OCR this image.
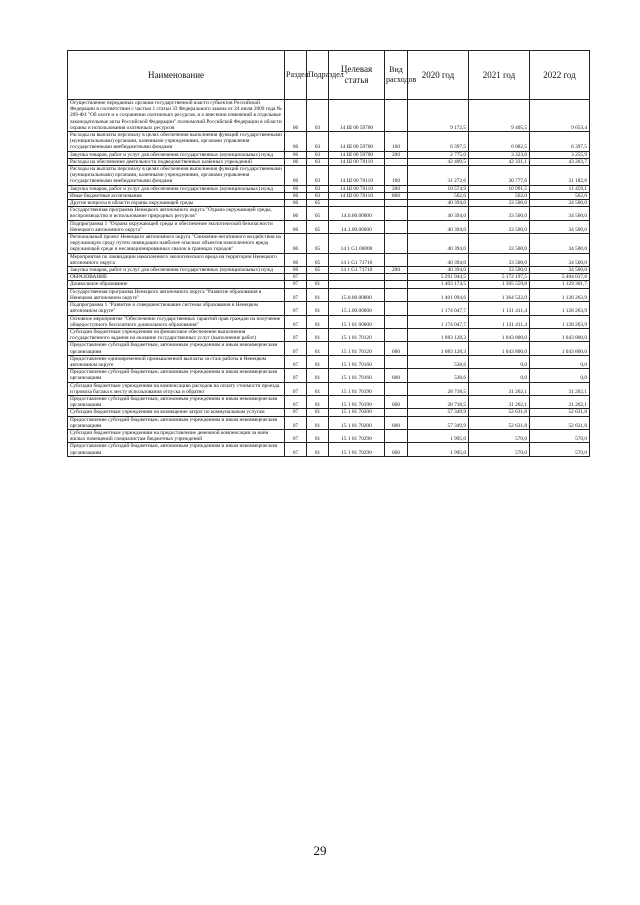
Наименование	Раздел	Подраздел	Целевая статья	Вид расходов	2020 год	2021 год	2022 год
Осуществление переданных органам государственной власти субъектов Российской Федерации в соответствии с частью 1 статьи 33 Федерального закона от 24 июля 2009 года № 209-ФЗ "Об охоте и о сохранении охотничьих ресурсов, и о внесении изменений в отдельные законодательные акты Российской Федерации" полномочий Российской Федерации в области охраны и использования охотничьих ресурсов	06	03	14 Ш 00 59700		9 172,5	9 405,5	9 653,4
Расходы на выплаты персоналу в целях обеспечения выполнения функций государственными (муниципальными) органами, казенными учреждениями, органами управления государственными внебюджетными фондами	06	03	14 Ш 00 59700	100	6 397,5	6 082,5	6 397,5
Закупка товаров, работ и услуг для обеспечения государственных (муниципальных) нужд	06	03	14 Ш 00 59700	200	2 775,0	3 323,0	3 255,9
Расходы на обеспечение деятельности подведомственных казённых учреждений	06	03	14 Ш 00 70110		42 409,5	42 331,1	43 203,7
Расходы на выплаты персоналу в целях обеспечения выполнения функций государственными (муниципальными) органами, казенными учреждениями, органами управления государственными внебюджетными фондами	06	03	14 Ш 00 70110	100	31 272,6	30 777,6	31 182,6
Закупка товаров, работ и услуг для обеспечения государственных (муниципальных) нужд	06	03	14 Ш 00 70110	200	10 574,9	10 991,5	11 459,1
Иные бюджетные ассигнования	06	03	14 Ш 00 70110	800	562,0	562,0	562,0
Другие вопросы в области охраны окружающей среды	06	05			40 394,0	33 500,0	34 500,0
Государственная программа Ненецкого автономного округа "Охрана окружающей среды, воспроизводство и использование природных ресурсов"	06	05	14.0.00.00000		40 394,0	33 500,0	34 500,0
Подпрограмма 1 "Охрана окружающей среды и обеспечение экологической безопасности Ненецкого автономного округа"	06	05	14.1.00.00000		40 394,0	33 500,0	34 500,0
Региональный проект Ненецкого автономного округа "Снижение негативного воздействия на окружающую среду путем ликвидации наиболее опасных объектов накопленного вреда окружающей среде и несанкционированных свалок в границах городов"	06	05	14 1 G1 00000		40 394,0	33 500,0	34 500,0
Мероприятия по ликвидации накопленного экологического вреда на территории Ненецкого автономного округа	06	05	14 1 G1 71710		40 394,0	33 500,0	34 500,0
Закупка товаров, работ и услуг для обеспечения государственных (муниципальных) нужд	06	05	14 1 G1 71710	200	40 394,0	33 500,0	34 500,0
ОБРАЗОВАНИЕ	07				5 291 944,5	5 172 197,5	5 404 017,6
Дошкольное образование	07	01			1 403 174,5	1 365 559,8	1 129 301,7
Государственная программа Ненецкого автономного округа "Развитие образования в Ненецком автономном округе"	07	01	15.0.00.00000		1 401 094,6	1 364 522,0	1 128 263,9
Подпрограмма 1 "Развитие и совершенствование системы образования в Ненецком автономном округе"	07	01	15.1.00.00000		1 174 047,7	1 131 411,4	1 128 263,9
Основное мероприятие "Обеспечение государственных гарантий прав граждан на получение общедоступного бесплатного дошкольного образования"	07	01	15 1 01 00000		1 174 047,7	1 131 411,4	1 128 263,9
Субсидии бюджетным учреждениям на финансовое обеспечение выполнения государственного задания на оказание государственных услуг (выполнение работ)	07	01	15 1 01 70120		1 083 128,3	1 043 800,0	1 043 800,0
Предоставление субсидий бюджетным, автономным учреждениям и иным некоммерческим организациям	07	01	15 1 01 70120	600	1 083 128,3	1 043 800,0	1 043 800,0
Предоставление единовременной промышленной выплаты за стаж работы в Ненецком автономном округе	07	01	15 1 01 70160		538,6	0,0	0,0
Предоставление субсидий бюджетным, автономным учреждениям и иным некоммерческим организациям	07	01	15 1 01 70160	600	538,6	0,0	0,0
Субсидии бюджетным учреждениям на компенсацию расходов на оплату стоимости проезда и провоза багажа к месту использования отпуска и обратно	07	01	15 1 01 70190		28 718,5	31 262,1	31 262,1
Предоставление субсидий бюджетным, автономным учреждениям и иным некоммерческим организациям	07	01	15 1 01 70190	600	28 718,5	31 262,1	31 262,1
Субсидии бюджетным учреждениям на возмещение затрат по коммунальным услугам	07	01	15 1 01 70200		57 349,9	52 631,8	52 631,8
Предоставление субсидий бюджетным, автономным учреждениям и иным некоммерческим организациям	07	01	15 1 01 70200	600	57 349,9	52 631,8	52 631,8
Субсидии бюджетным учреждениям на предоставление денежной компенсации за наём жилых помещений специалистам бюджетных учреждений	07	01	15 1 01 70290		1 995,0	570,0	570,0
Предоставление субсидий бюджетным, автономным учреждениям и иным некоммерческим организациям	07	01	15 1 01 70290	600	1 995,0	570,0	570,0
29
